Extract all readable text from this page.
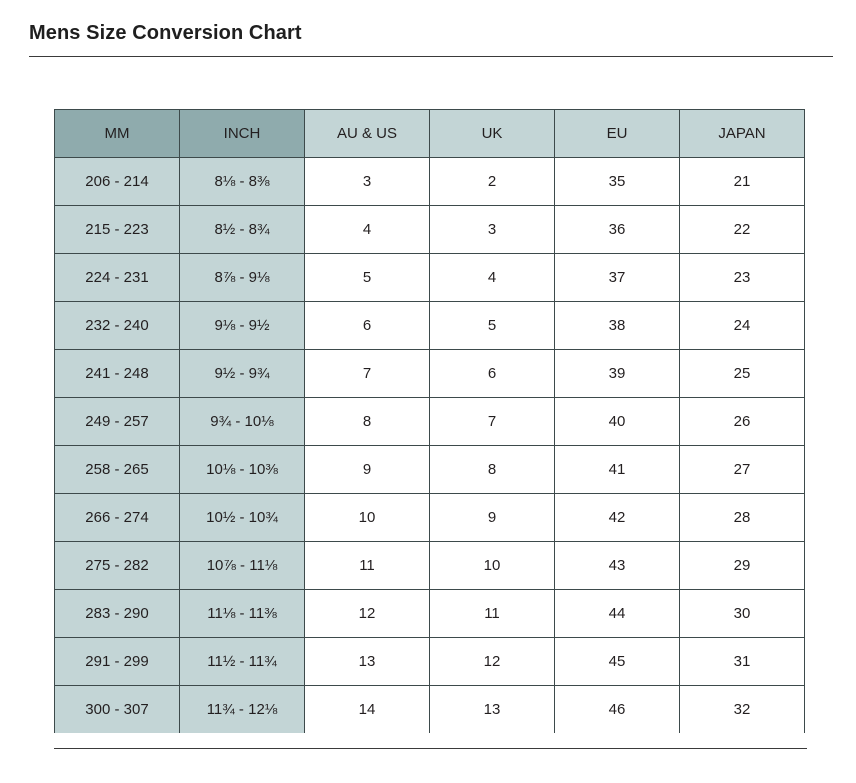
Mens Size Conversion Chart
MM	INCH	AU & US	UK	EU	JAPAN
206 - 214	8⅛ - 8⅜	3	2	35	21
215 - 223	8½ - 8¾	4	3	36	22
224 - 231	8⅞ - 9⅛	5	4	37	23
232 - 240	9⅛ - 9½	6	5	38	24
241 - 248	9½ - 9¾	7	6	39	25
249 - 257	9¾ - 10⅛	8	7	40	26
258 - 265	10⅛ - 10⅜	9	8	41	27
266 - 274	10½ - 10¾	10	9	42	28
275 - 282	10⅞ - 11⅛	11	10	43	29
283 - 290	11⅛ - 11⅜	12	11	44	30
291 - 299	11½ - 11¾	13	12	45	31
300 - 307	11¾ - 12⅛	14	13	46	32
